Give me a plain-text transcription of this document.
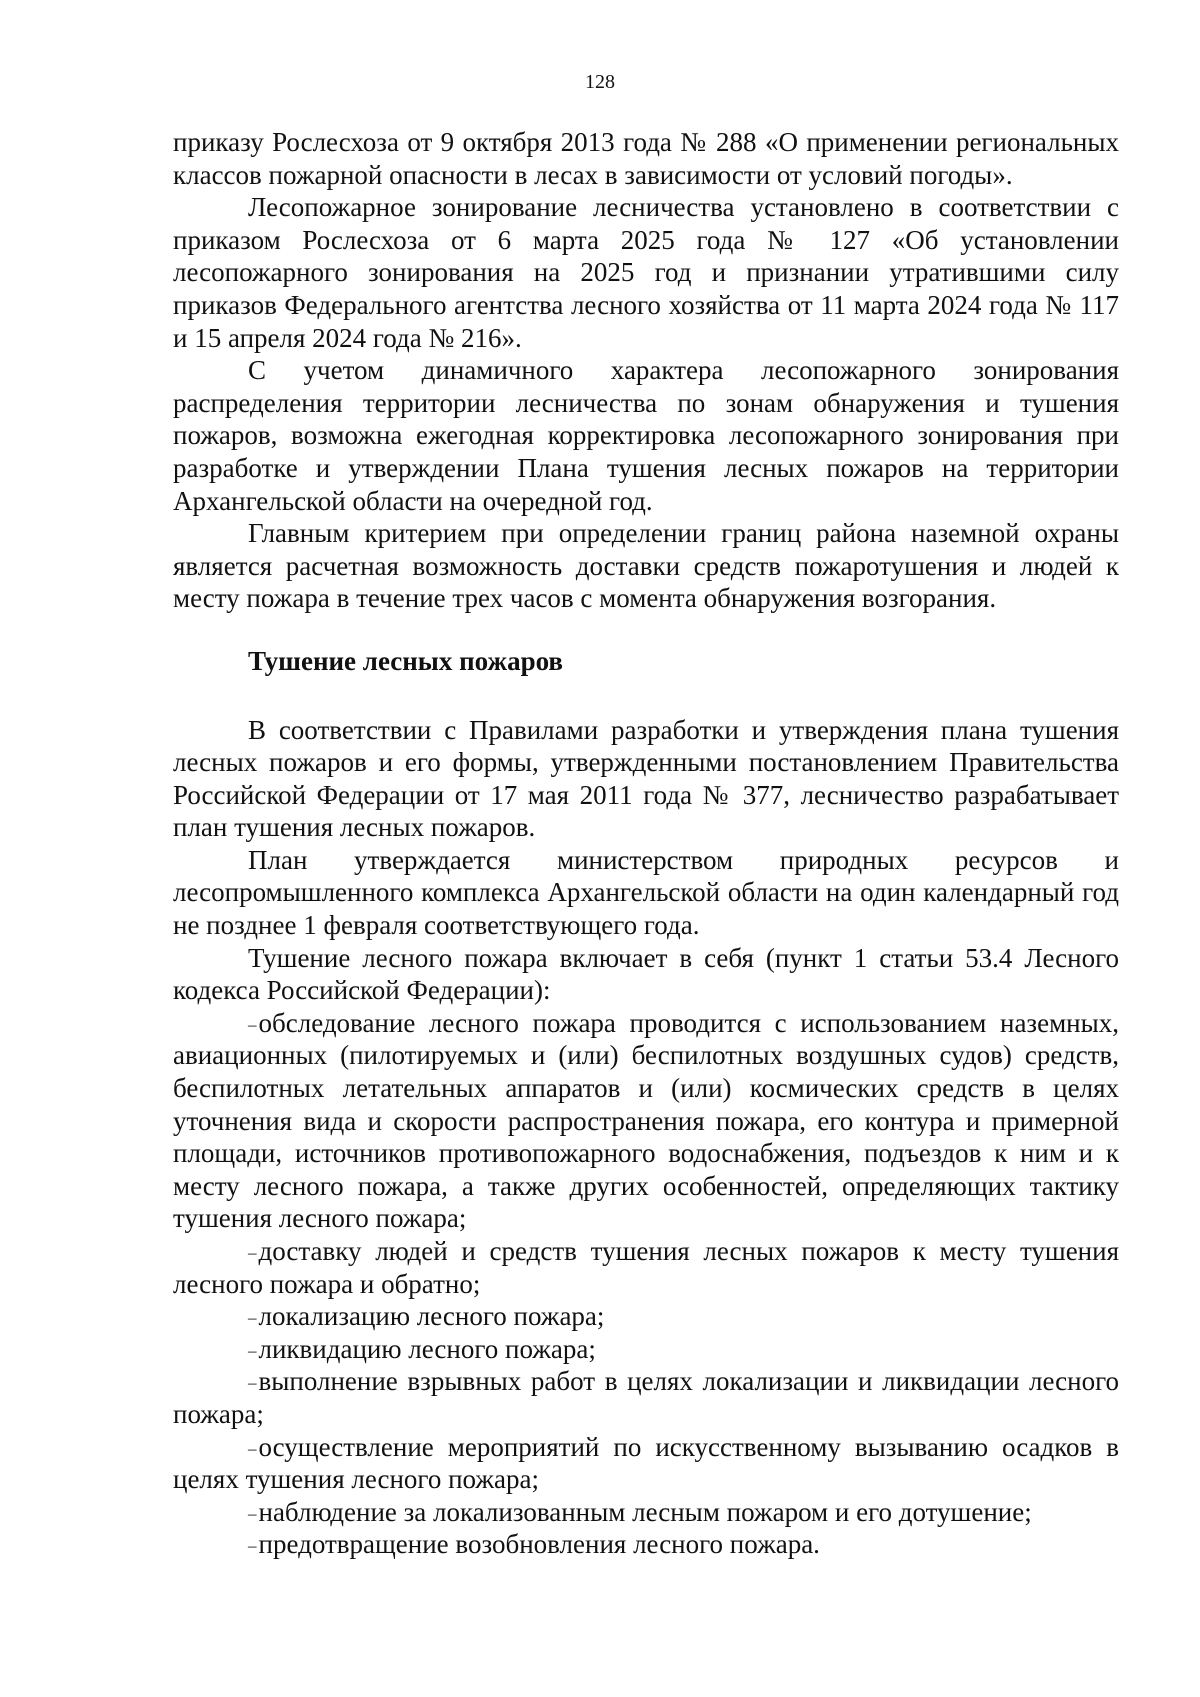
128

приказу Рослесхоза от 9 октября 2013 года № 288 «О применении региональных классов пожарной опасности в лесах в зависимости от условий погоды».

Лесопожарное зонирование лесничества установлено в соответствии с приказом Рослесхоза от 6 марта 2025 года № 127 «Об установлении лесопожарного зонирования на 2025 год и признании утратившими силу приказов Федерального агентства лесного хозяйства от 11 марта 2024 года № 117 и 15 апреля 2024 года № 216».

С учетом динамичного характера лесопожарного зонирования распределения территории лесничества по зонам обнаружения и тушения пожаров, возможна ежегодная корректировка лесопожарного зонирования при разработке и утверждении Плана тушения лесных пожаров на территории Архангельской области на очередной год.

Главным критерием при определении границ района наземной охраны является расчетная возможность доставки средств пожаротушения и людей к месту пожара в течение трех часов с момента обнаружения возгорания.

Тушение лесных пожаров

В соответствии с Правилами разработки и утверждения плана тушения лесных пожаров и его формы, утвержденными постановлением Правительства Российской Федерации от 17 мая 2011 года № 377, лесничество разрабатывает план тушения лесных пожаров.

План утверждается министерством природных ресурсов и лесопромышленного комплекса Архангельской области на один календарный год не позднее 1 февраля соответствующего года.

Тушение лесного пожара включает в себя (пункт 1 статьи 53.4 Лесного кодекса Российской Федерации):

–обследование лесного пожара проводится с использованием наземных, авиационных (пилотируемых и (или) беспилотных воздушных судов) средств, беспилотных летательных аппаратов и (или) космических средств в целях уточнения вида и скорости распространения пожара, его контура и примерной площади, источников противопожарного водоснабжения, подъездов к ним и к месту лесного пожара, а также других особенностей, определяющих тактику тушения лесного пожара;

–доставку людей и средств тушения лесных пожаров к месту тушения лесного пожара и обратно;

–локализацию лесного пожара;

–ликвидацию лесного пожара;

–выполнение взрывных работ в целях локализации и ликвидации лесного пожара;

–осуществление мероприятий по искусственному вызыванию осадков в целях тушения лесного пожара;

–наблюдение за локализованным лесным пожаром и его дотушение;

–предотвращение возобновления лесного пожара.
